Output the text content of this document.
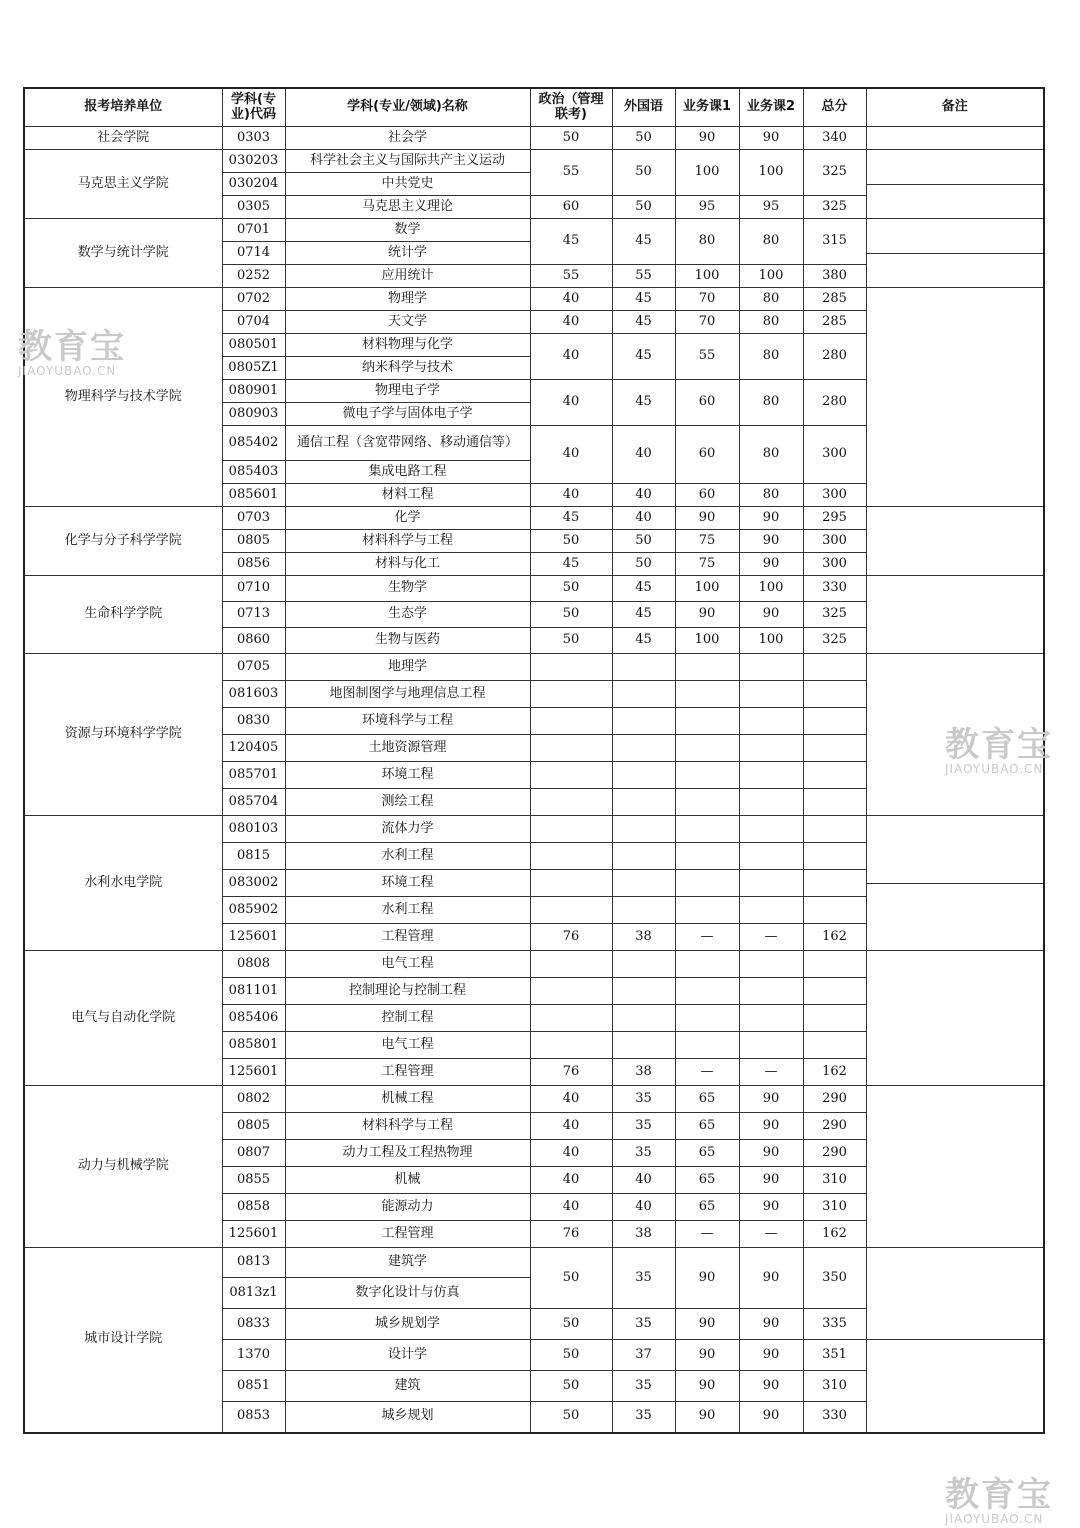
报考培养单位	学科(专业)代码	学科(专业/领域)名称	政治（管理联考)	外国语	业务课1	业务课2	总分	备注
社会学院	0303	社会学	50	50	90	90	340	

马克思主义学院	030203	科学社会主义与国际共产主义运动	55	50	100	100	325	

	030204	中共党史						
	0305	马克思主义理论	60	50	95	95	325	
数学与统计学院	0701	数学	45	45	80	80	315	

	0714	统计学						
	0252	应用统计	55	55	100	100	380	
物理科学与技术学院	0702	物理学	40	45	70	80	285	

	0704	天文学	40	45	70	80	285	
	080501	材料物理与化学	40	45	55	80	280	
	0805Z1	纳米科学与技术						
	080901	物理电子学	40	45	60	80	280	
	080903	微电子学与固体电子学						
	085402	通信工程（含宽带网络、移动通信等）	40	40	60	80	300	
	085403	集成电路工程						
	085601	材料工程	40	40	60	80	300	
化学与分子科学学院	0703	化学	45	40	90	90	295	

	0805	材料科学与工程	50	50	75	90	300	
	0856	材料与化工	45	50	75	90	300	
生命科学学院	0710	生物学	50	45	100	100	330	

	0713	生态学	50	45	90	90	325	
	0860	生物与医药	50	45	100	100	325	
资源与环境科学学院	0705	地理学						

	081603	地图制图学与地理信息工程						
	0830	环境科学与工程						
	120405	土地资源管理						
	085701	环境工程						
	085704	测绘工程						
水利水电学院	080103	流体力学						

	0815	水利工程						
	083002	环境工程						
	085902	水利工程						
	125601	工程管理	76	38	—	—	162	
电气与自动化学院	0808	电气工程						

	081101	控制理论与控制工程						
	085406	控制工程						
	085801	电气工程						
	125601	工程管理	76	38	—	—	162	
动力与机械学院	0802	机械工程	40	35	65	90	290	

	0805	材料科学与工程	40	35	65	90	290	
	0807	动力工程及工程热物理	40	35	65	90	290	
	0855	机械	40	40	65	90	310	
	0858	能源动力	40	40	65	90	310	
	125601	工程管理	76	38	—	—	162	
城市设计学院	0813	建筑学	50	35	90	90	350	

	0813z1	数字化设计与仿真						
	0833	城乡规划学	50	35	90	90	335	
	1370	设计学	50	37	90	90	351	
	0851	建筑	50	35	90	90	310	
	0853	城乡规划	50	35	90	90	330	
教育宝
JIAOYUBAO.CN
教育宝
JIAOYUBAO.CN
教育宝
JIAOYUBAO.CN
